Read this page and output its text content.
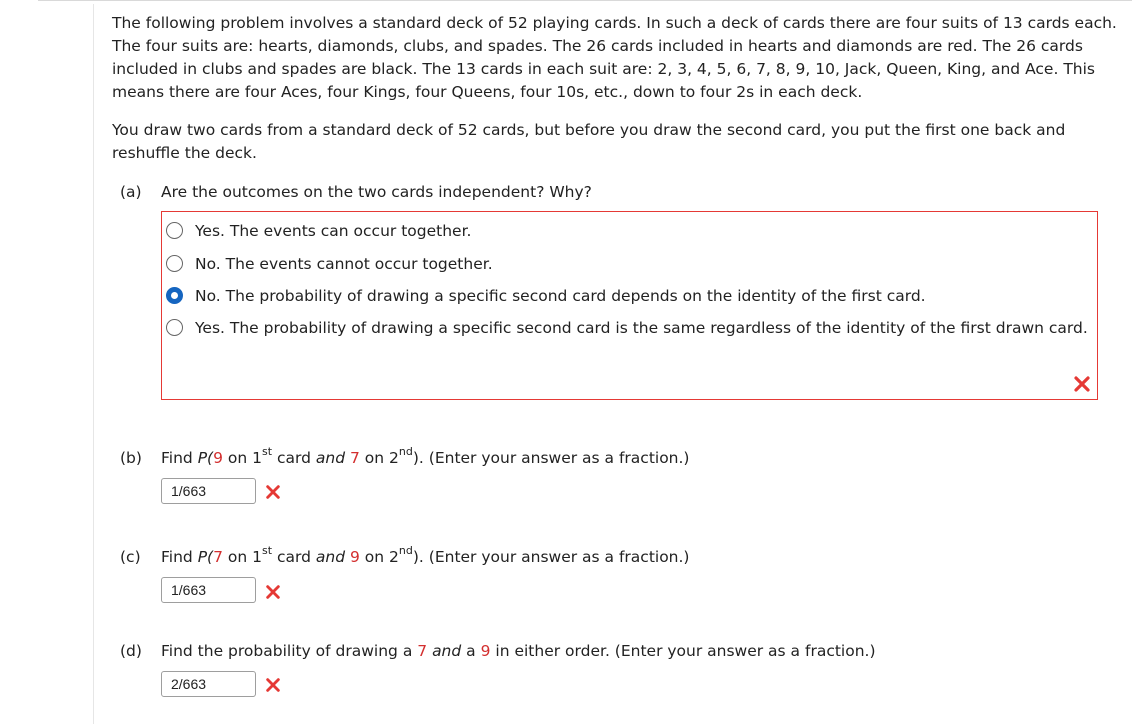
The following problem involves a standard deck of 52 playing cards. In such a deck of cards there are four suits of 13 cards each. The four suits are: hearts, diamonds, clubs, and spades. The 26 cards included in hearts and diamonds are red. The 26 cards included in clubs and spades are black. The 13 cards in each suit are: 2, 3, 4, 5, 6, 7, 8, 9, 10, Jack, Queen, King, and Ace. This means there are four Aces, four Kings, four Queens, four 10s, etc., down to four 2s in each deck.

You draw two cards from a standard deck of 52 cards, but before you draw the second card, you put the first one back and reshuffle the deck.

(a) Are the outcomes on the two cards independent? Why?
Yes. The events can occur together.
No. The events cannot occur together.
No. The probability of drawing a specific second card depends on the identity of the first card.
Yes. The probability of drawing a specific second card is the same regardless of the identity of the first drawn card.
(b) Find P(9 on 1st card and 7 on 2nd). (Enter your answer as a fraction.)
1/663
(c) Find P(7 on 1st card and 9 on 2nd). (Enter your answer as a fraction.)
1/663
(d) Find the probability of drawing a 7 and a 9 in either order. (Enter your answer as a fraction.)
2/663
